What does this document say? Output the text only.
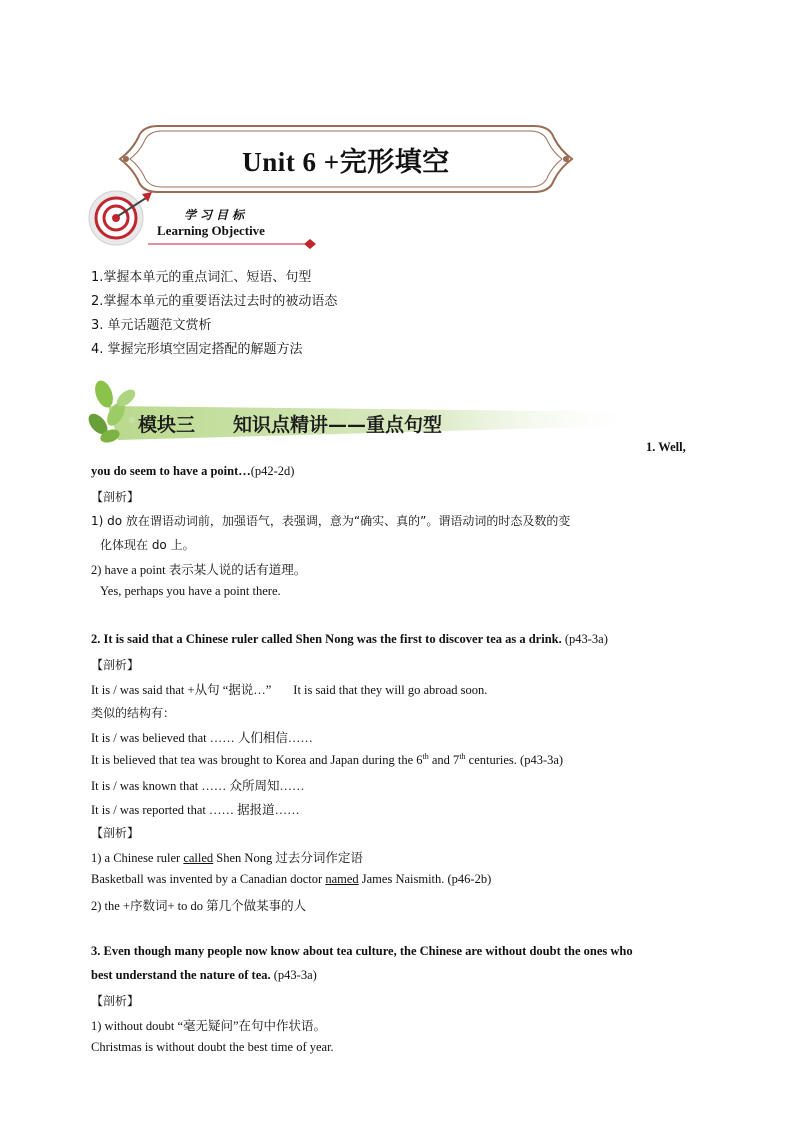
Unit 6 +完形填空
学习目标
Learning Objective
1.掌握本单元的重点词汇、短语、句型
2.掌握本单元的重要语法过去时的被动语态
3. 单元话题范文赏析
4. 掌握完形填空固定搭配的解题方法
模块三 知识点精讲——重点句型
1. Well,
you do seem to have a point…(p42-2d)
【剖析】
1) do 放在谓语动词前，加强语气，表强调，意为“确实、真的”。谓语动词的时态及数的变
化体现在 do 上。
2) have a point 表示某人说的话有道理。
Yes, perhaps you have a point there.
2. It is said that a Chinese ruler called Shen Nong was the first to discover tea as a drink. (p43-3a)
【剖析】
It is / was said that +从句 “据说…” It is said that they will go abroad soon.
类似的结构有：
It is / was believed that …… 人们相信……
It is believed that tea was brought to Korea and Japan during the 6th and 7th centuries. (p43-3a)
It is / was known that …… 众所周知……
It is / was reported that …… 据报道……
【剖析】
1) a Chinese ruler called Shen Nong 过去分词作定语
Basketball was invented by a Canadian doctor named James Naismith. (p46-2b)
2) the +序数词+ to do 第几个做某事的人
3. Even though many people now know about tea culture, the Chinese are without doubt the ones who
best understand the nature of tea. (p43-3a)
【剖析】
1) without doubt “毫无疑问”在句中作状语。
Christmas is without doubt the best time of year.
